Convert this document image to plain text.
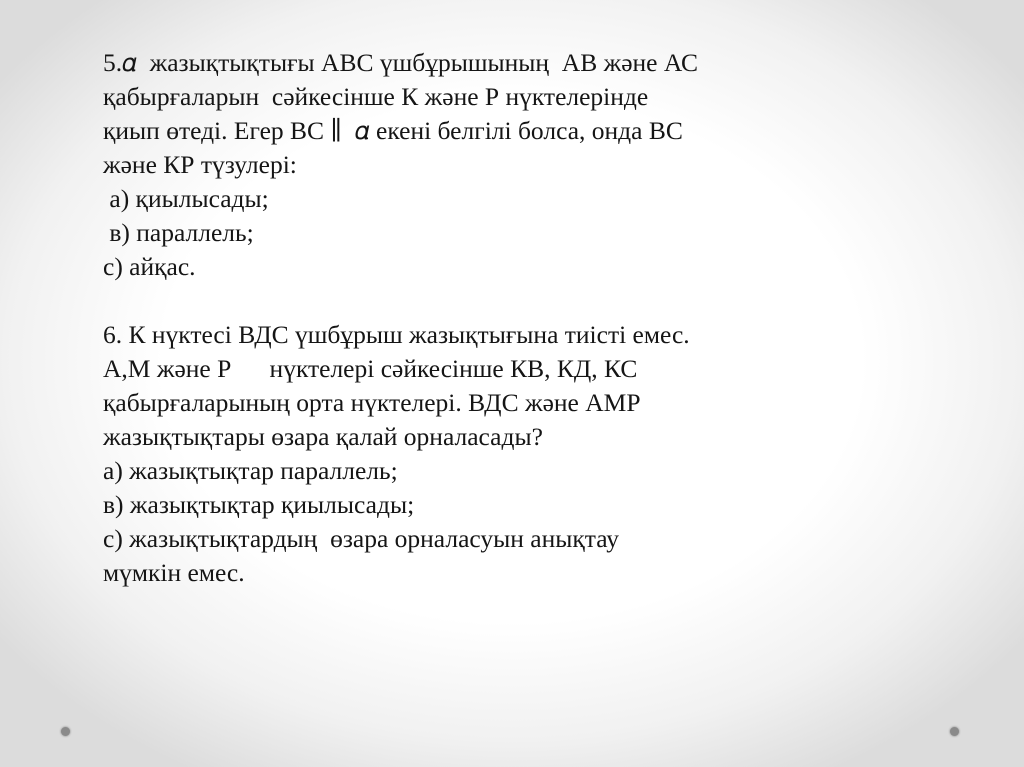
5.𝛼  жазықтықтығы АВС үшбұрышының  АВ және АС
қабырғаларын  сәйкесінше К және Р нүктелерінде
қиып өтеді. Егер ВС ∥  𝛼 екені белгілі болса, онда ВС
және КР түзулері:
а) қиылысады;
в) параллель;
с) айқас.
6. К нүктесі ВДС үшбұрыш жазықтығына тиісті емес.
А,М және Р      нүктелері сәйкесінше КВ, КД, КС
қабырғаларының орта нүктелері. ВДС және АМР
жазықтықтары өзара қалай орналасады?
а) жазықтықтар параллель;
в) жазықтықтар қиылысады;
с) жазықтықтардың  өзара орналасуын анықтау
мүмкін емес.
